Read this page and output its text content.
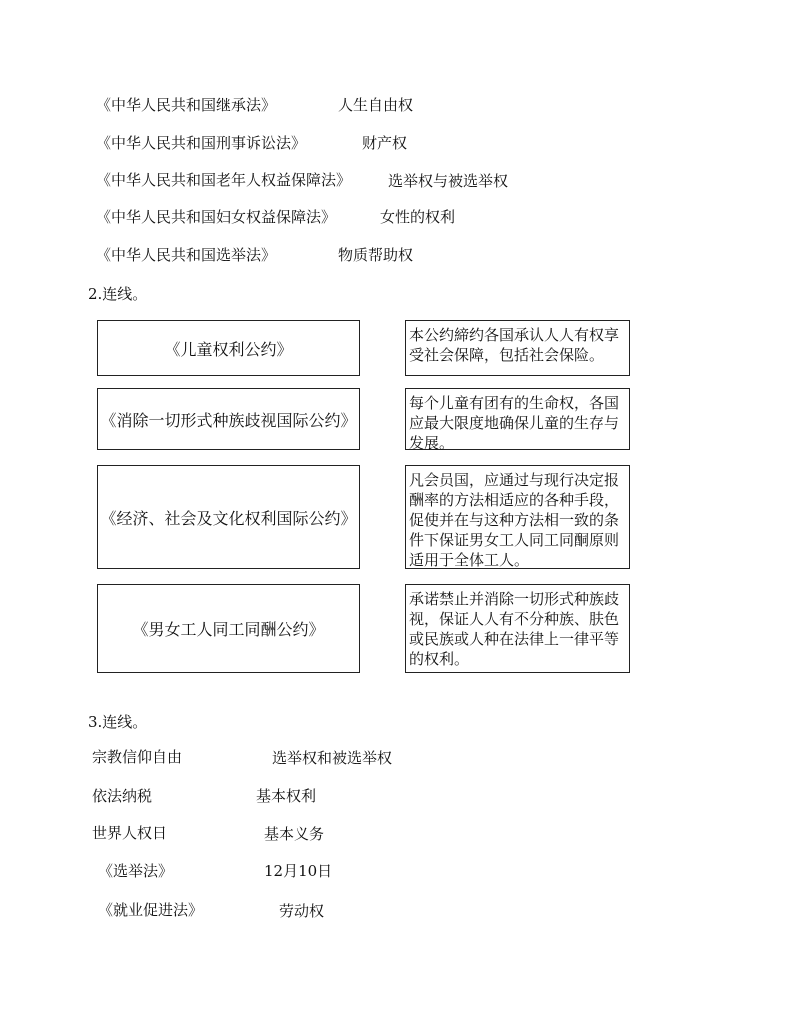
《中华人民共和国继承法》	人生自由权
《中华人民共和国刑事诉讼法》	财产权
《中华人民共和国老年人权益保障法》 选举权与被选举权
《中华人民共和国妇女权益保障法》	女性的权利
《中华人民共和国选举法》	物质帮助权
2.连线。
《儿童权利公约》
《消除一切形式种族歧视国际公约》
《经济、社会及文化权利国际公约》
《男女工人同工同酬公约》
本公约締约各国承认人人有权享受社会保障，包括社会保险。
每个儿童有团有的生命权，各国应最大限度地确保儿童的生存与发展。
凡会员国，应通过与现行决定报酬率的方法相适应的各种手段，促使并在与这种方法相一致的条件下保证男女工人同工同酮原则适用于全体工人。
承诺禁止并消除一切形式种族歧视，保证人人有不分种族、肤色或民族或人种在法律上一律平等的权利。
3.连线。
宗教信仰自由	选举权和被选举权
依法纳税	基本权利
世界人权日	基本义务
《选举法》	12月10日
《就业促进法》	劳动权
